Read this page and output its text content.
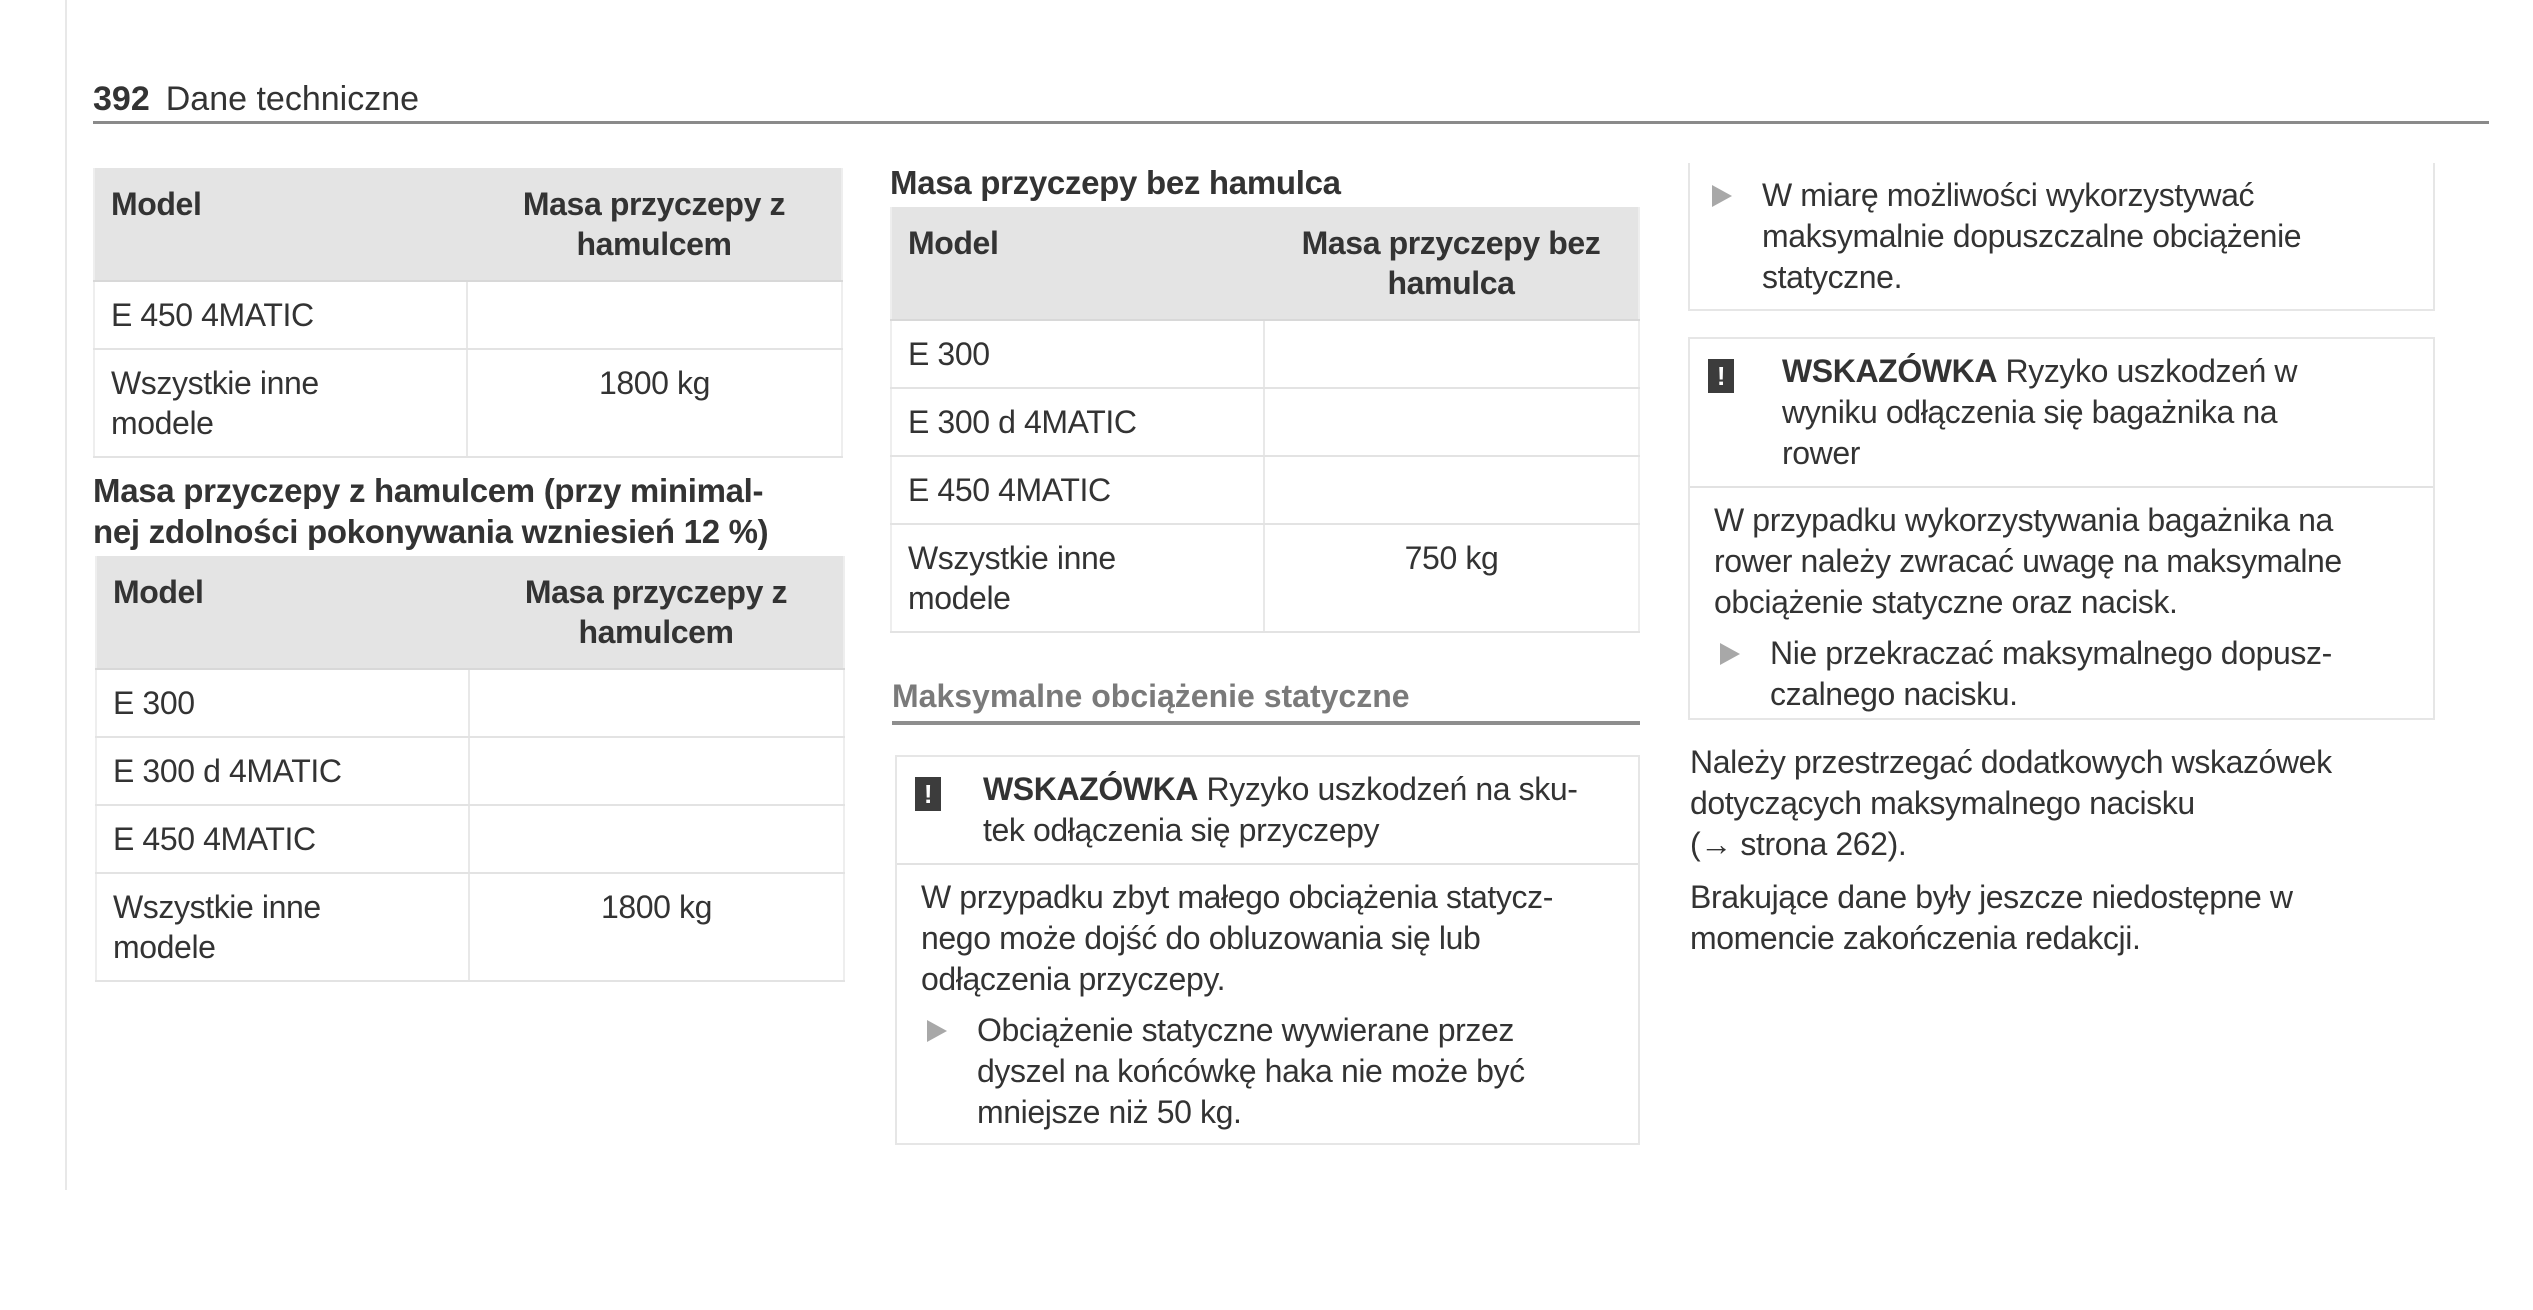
392 Dane techniczne
Model	Masa przyczepy z
hamulcem

E 450 4MATIC	

Wszystkie inne
modele	1800 kg
Masa przyczepy z hamulcem (przy minimal-
nej zdolności pokonywania wzniesień 12 %)
Model	Masa przyczepy z
hamulcem

E 300	

E 300 d 4MATIC	

E 450 4MATIC	

Wszystkie inne
modele	1800 kg
Masa przyczepy bez hamulca
Model	Masa przyczepy bez
hamulca

E 300	

E 300 d 4MATIC	

E 450 4MATIC	

Wszystkie inne
modele	750 kg
Maksymalne obciążenie statyczne
! WSKAZÓWKA Ryzyko uszkodzeń na sku-
tek odłączenia się przyczepy
W przypadku zbyt małego obciążenia statycz-
nego może dojść do obluzowania się lub
odłączenia przyczepy.
Obciążenie statyczne wywierane przez
dyszel na końcówkę haka nie może być
mniejsze niż 50 kg.
W miarę możliwości wykorzystywać
maksymalnie dopuszczalne obciążenie
statyczne.
! WSKAZÓWKA Ryzyko uszkodzeń w
wyniku odłączenia się bagażnika na
rower
W przypadku wykorzystywania bagażnika na
rower należy zwracać uwagę na maksymalne
obciążenie statyczne oraz nacisk.
Nie przekraczać maksymalnego dopusz-
czalnego nacisku.
Należy przestrzegać dodatkowych wskazówek
dotyczących maksymalnego nacisku
(→ strona 262).
Brakujące dane były jeszcze niedostępne w
momencie zakończenia redakcji.
